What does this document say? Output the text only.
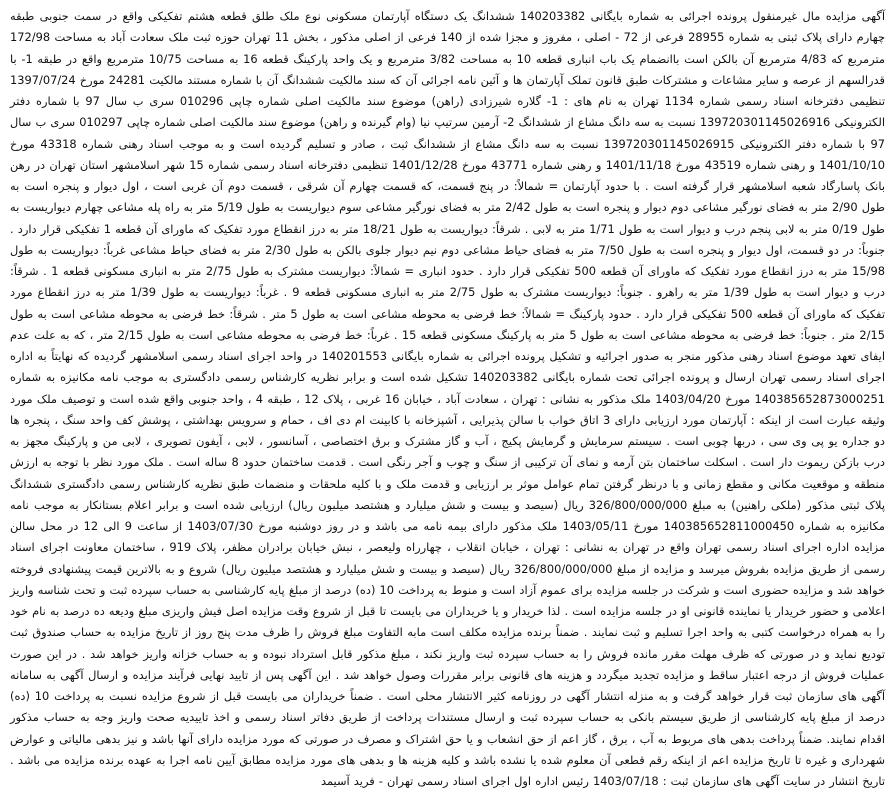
آگهی مزایده مال غیرمنقول پرونده اجرائی به شماره بایگانی 140203382 ششدانگ یک دستگاه آپارتمان مسکونی نوع ملک طلق قطعه هشتم تفکیکی واقع در سمت جنوبی طبقه چهارم دارای پلاک ثبتی به شماره 28955 فرعی از 72 - اصلی ، مفروز و مجزا شده از 140 فرعی از اصلی مذکور ، بخش 11 تهران حوزه ثبت ملک سعادت آباد به مساحت 172/98 مترمربع که 4/83 مترمربع آن بالکن است باانضمام یک باب انباری قطعه 10 به مساحت 3/82 مترمربع و یک واحد پارکینگ قطعه 16 به مساحت 10/75 مترمربع واقع در طبقه 1- با قدرالسهم از عرصه و سایر مشاعات و مشترکات طبق قانون تملک آپارتمان ها و آئین نامه اجرائی آن که سند مالکیت ششدانگ آن با شماره مستند مالکیت 24281 مورخ 1397/07/24 تنظیمی دفترخانه اسناد رسمی شماره 1134 تهران به نام های : 1- گلاره شیرزادی (راهن) موضوع سند مالکیت اصلی شماره چاپی 010296 سری ب سال 97 با شماره دفتر الکترونیکی 139720301145026916 نسبت به سه دانگ مشاع از ششدانگ 2- آرمین سرتیپ نیا (وام گیرنده و راهن) موضوع سند مالکیت اصلی شماره چاپی 010297 سری ب سال 97 با شماره دفتر الکترونیکی 139720301145026915 نسبت به سه دانگ مشاع از ششدانگ ثبت ، صادر و تسلیم گردیده است و به موجب اسناد رهنی شماره 43318 مورخ 1401/10/10 و رهنی شماره 43519 مورخ 1401/11/18 و رهنی شماره 43771 مورخ 1401/12/28 تنظیمی دفترخانه اسناد رسمی شماره 15 شهر اسلامشهر استان تهران در رهن بانک پاسارگاد شعبه اسلامشهر قرار گرفته است . با حدود آپارتمان = شمالاً: در پنج قسمت، که قسمت چهارم آن شرقی ، قسمت دوم آن غربی است ، اول دیوار و پنجره است به طول 2/90 متر به فضای نورگیر مشاعی دوم دیوار و پنجره است به طول 2/42 متر به فضای نورگیر مشاعی سوم دیواریست به طول 5/19 متر به راه پله مشاعی چهارم دیواریست به طول 0/19 متر به لابی پنجم درب و دیوار است به طول 1/71 متر به لابی . شرقاً: دیواریست به طول 18/21 متر به درز انقطاع مورد تفکیک که ماورای آن قطعه 1 تفکیکی قرار دارد . جنوباً: در دو قسمت، اول دیوار و پنجره است به طول 7/50 متر به فضای حیاط مشاعی دوم نیم دیوار جلوی بالکن به طول 2/30 متر به فضای حیاط مشاعی غرباً: دیواریست به طول 15/98 متر به درز انقطاع مورد تفکیک که ماورای آن قطعه 500 تفکیکی قرار دارد . حدود انباری = شمالاً: دیواریست مشترک به طول 2/75 متر به انباری مسکونی قطعه 1 . شرقاً: درب و دیوار است به طول 1/39 متر به راهرو . جنوباً: دیواریست مشترک به طول 2/75 متر به انباری مسکونی قطعه 9 . غرباً: دیواریست به طول 1/39 متر به درز انقطاع مورد تفکیک که ماورای آن قطعه 500 تفکیکی قرار دارد . حدود پارکینگ = شمالاً: خط فرضی به محوطه مشاعی است به طول 5 متر . شرقاً: خط فرضی به محوطه مشاعی است به طول 2/15 متر . جنوباً: خط فرضی به محوطه مشاعی است به طول 5 متر به پارکینگ مسکونی قطعه 15 . غرباً: خط فرضی به محوطه مشاعی است به طول 2/15 متر ، که به علت عدم ایفای تعهد موضوع اسناد رهنی مذکور منجر به صدور اجرائیه و تشکیل پرونده اجرائی به شماره بایگانی 140201553 در واحد اجرای اسناد رسمی اسلامشهر گردیده که نهایتاً به اداره اجرای اسناد رسمی تهران ارسال و پرونده اجرائی تحت شماره بایگانی 140203382 تشکیل شده است و برابر نظریه کارشناس رسمی دادگستری به موجب نامه مکانیزه به شماره 140385652873000251 مورخ 1403/04/20 ملک مذکور به نشانی : تهران ، سعادت آباد ، خیابان 16 غربی ، پلاک 12 ، طبقه 4 ، واحد جنوبی واقع شده است و توصیف ملک مورد وثیقه عبارت است از اینکه : آپارتمان مورد ارزیابی دارای 3 اتاق خواب با سالن پذیرایی ، آشپزخانه با کابینت ام دی اف ، حمام و سرویس بهداشتی ، پوشش کف واحد سنگ ، پنجره ها دو جداره یو پی وی سی ، دربها چوبی است . سیستم سرمایش و گرمایش پکیج ، آب و گاز مشترک و برق اختصاصی ، آسانسور ، لابی ، آیفون تصویری ، لابی من و پارکینگ مجهز به درب بازکن ریموت دار است . اسکلت ساختمان بتن آرمه و نمای آن ترکیبی از سنگ و چوب و آجر رنگی است . قدمت ساختمان حدود 8 ساله است . ملک مورد نظر با توجه به ارزش منطقه و موقعیت مکانی و مقطع زمانی و با درنظر گرفتن تمام عوامل موثر بر ارزیابی و قدمت ملک و با کلیه ملحقات و منضمات طبق نظریه کارشناس رسمی دادگستری ششدانگ پلاک ثبتی مذکور (ملکی راهنین) به مبلغ 326/800/000/000 ریال (سیصد و بیست و شش میلیارد و هشتصد میلیون ریال) ارزیابی شده است و برابر اعلام بستانکار به موجب نامه مکانیزه به شماره 140385652811000450 مورخ 1403/05/11 ملک مذکور دارای بیمه نامه می باشد و در روز دوشنبه مورخ 1403/07/30 از ساعت 9 الی 12 در محل سالن مزایده اداره اجرای اسناد رسمی تهران واقع در تهران به نشانی : تهران ، خیابان انقلاب ، چهارراه ولیعصر ، نبش خیابان برادران مظفر، پلاک 919 ، ساختمان معاونت اجرای اسناد رسمی از طریق مزایده بفروش میرسد و مزایده از مبلغ 326/800/000/000 ریال (سیصد و بیست و شش میلیارد و هشتصد میلیون ریال) شروع و به بالاترین قیمت پیشنهادی فروخته خواهد شد و مزایده حضوری است و شرکت در جلسه مزایده برای عموم آزاد است و منوط به پرداخت 10 (ده) درصد از مبلغ پایه کارشناسی به حساب سپرده ثبت و تحت شناسه واریز اعلامی و حضور خریدار یا نماینده قانونی او در جلسه مزایده است . لذا خریدار و یا خریداران می بایست تا قبل از شروع وقت مزایده اصل فیش واریزی مبلغ ودیعه ده درصد به نام خود را به همراه درخواست کتبی به واحد اجرا تسلیم و ثبت نمایند . ضمناً برنده مزایده مکلف است مابه التفاوت مبلغ فروش را ظرف مدت پنج روز از تاریخ مزایده به حساب صندوق ثبت تودیع نماید و در صورتی که ظرف مهلت مقرر مانده فروش را به حساب سپرده ثبت واریز نکند ، مبلغ مذکور قابل استرداد نبوده و به حساب خزانه واریز خواهد شد . در این صورت عملیات فروش از درجه اعتبار ساقط و مزایده تجدید میگردد و هزینه های قانونی برابر مقررات وصول خواهد شد . این آگهی پس از تایید نهایی فرآیند مزایده و ارسال آگهی به سامانه آگهی های سازمان ثبت قرار خواهد گرفت و به منزله انتشار آگهی در روزنامه کثیر الانتشار محلی است . ضمناً خریداران می بایست قبل از شروع مزایده نسبت به پرداخت 10 (ده) درصد از مبلغ پایه کارشناسی از طریق سیستم بانکی به حساب سپرده ثبت و ارسال مستندات پرداخت از طریق دفاتر اسناد رسمی و اخذ تاییدیه صحت واریز وجه به حساب مذکور اقدام نمایند. ضمناً پرداخت بدهی های مربوط به آب ، برق ، گاز اعم از حق انشعاب و یا حق اشتراک و مصرف در صورتی که مورد مزایده دارای آنها باشد و نیز بدهی مالیاتی و عوارض شهرداری و غیره تا تاریخ مزایده اعم از اینکه رقم قطعی آن معلوم شده یا نشده باشد و کلیه هزینه ها و بدهی های مورد مزایده مطابق آیین نامه اجرا به عهده برنده مزایده می باشد . تاریخ انتشار در سایت آگهی های سازمان ثبت : 1403/07/18 رئیس اداره اول اجرای اسناد رسمی تهران - فرید آسیمد
